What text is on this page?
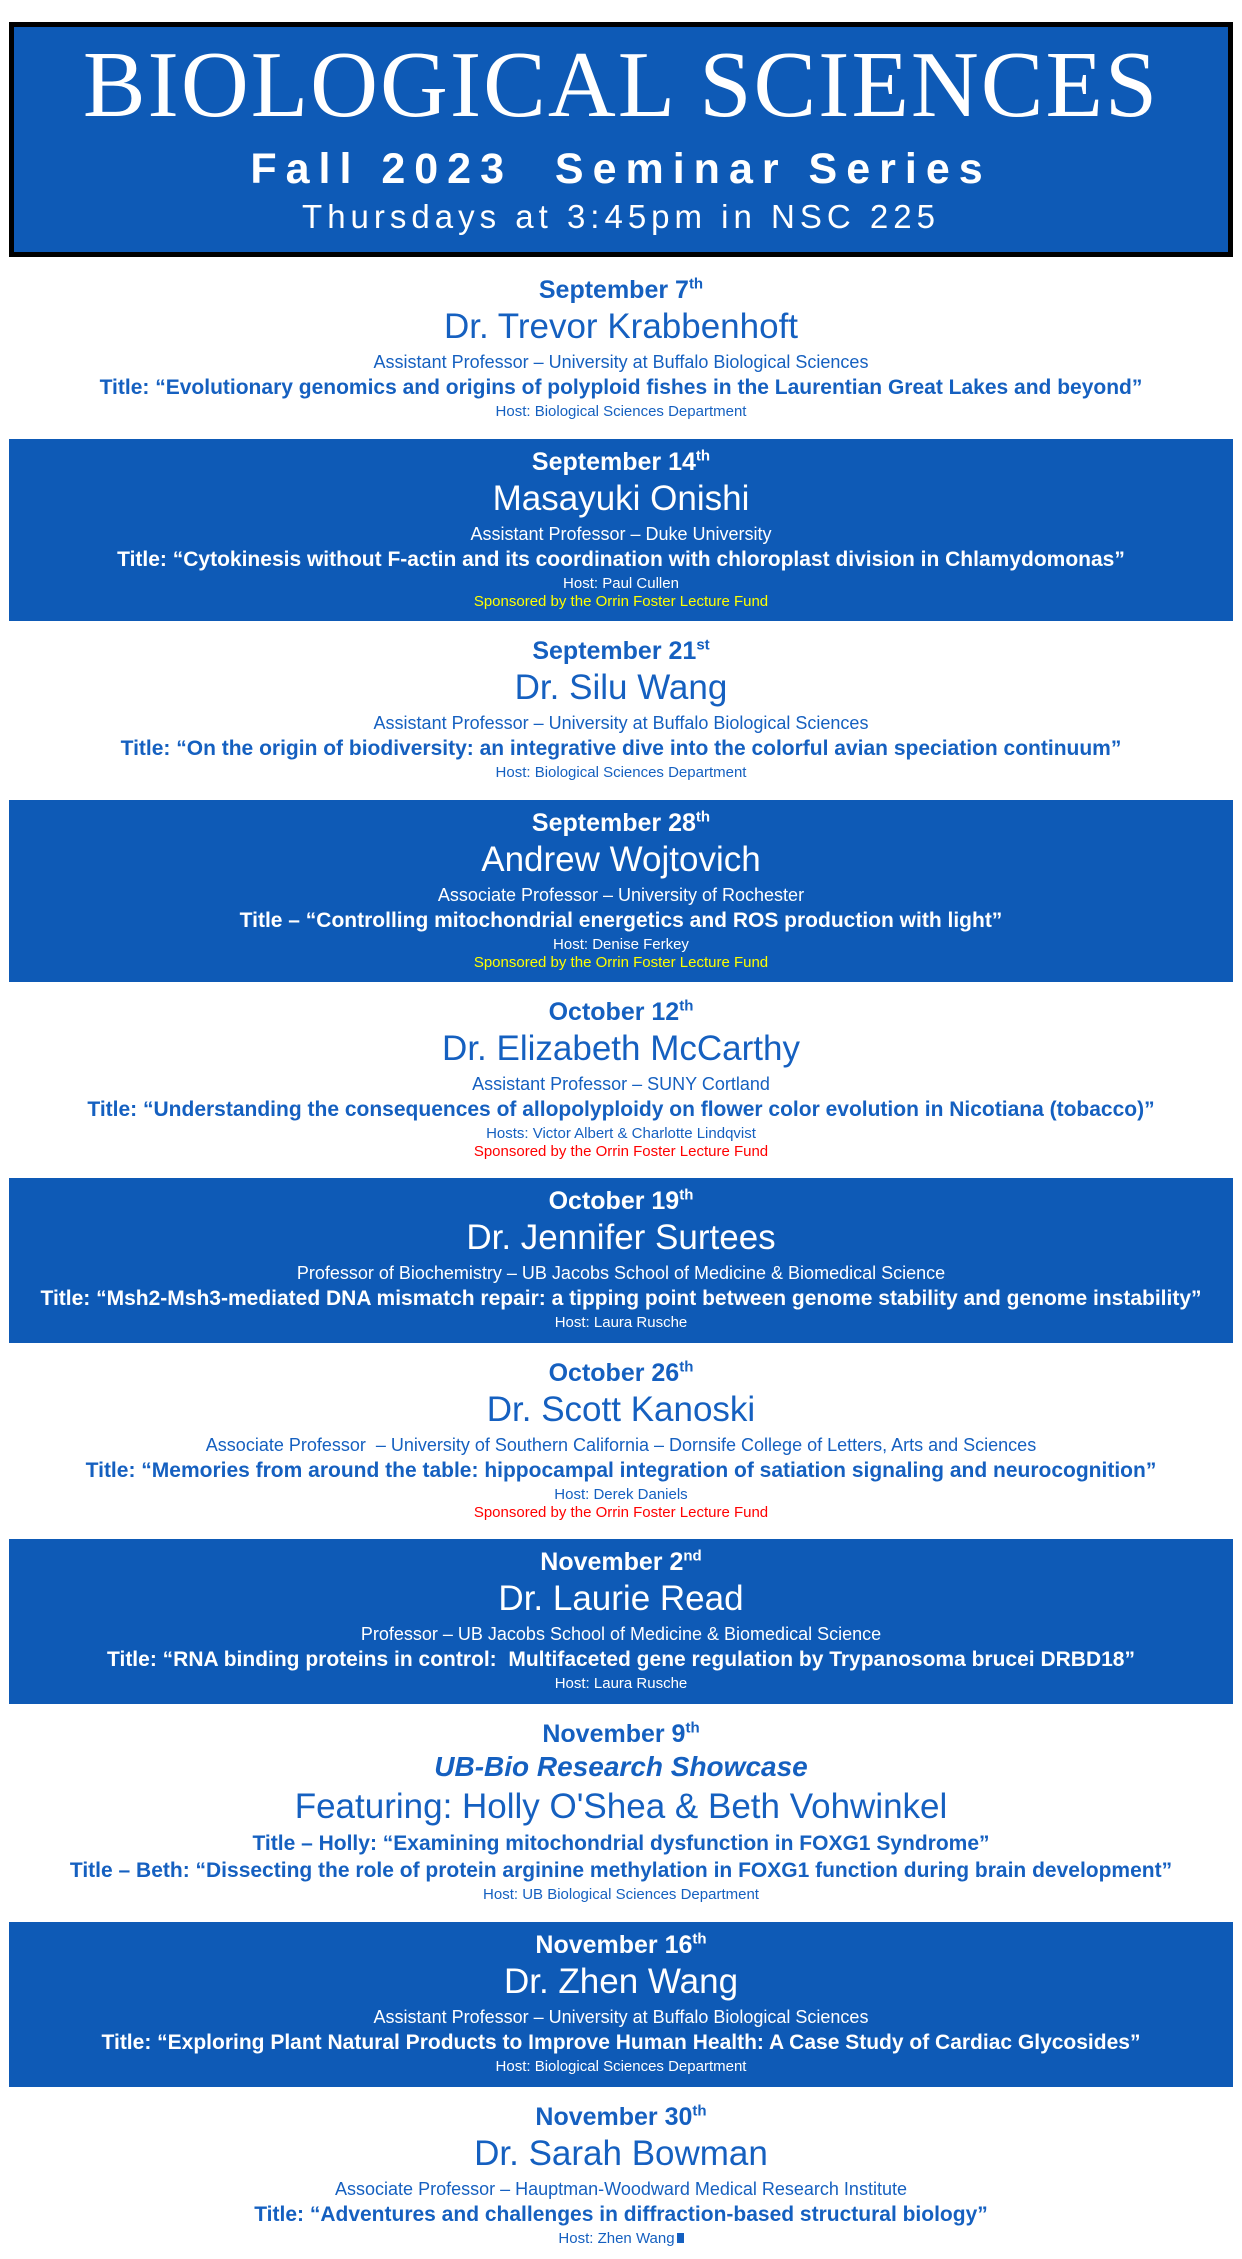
BIOLOGICAL SCIENCES
Fall 2023  Seminar Series
Thursdays at 3:45pm in NSC 225
September 7th
Dr. Trevor Krabbenhoft
Assistant Professor – University at Buffalo Biological Sciences
Title: “Evolutionary genomics and origins of polyploid fishes in the Laurentian Great Lakes and beyond”
Host: Biological Sciences Department
September 14th
Masayuki Onishi
Assistant Professor – Duke University
Title: “Cytokinesis without F-actin and its coordination with chloroplast division in Chlamydomonas”
Host: Paul Cullen
Sponsored by the Orrin Foster Lecture Fund
September 21st
Dr. Silu Wang
Assistant Professor – University at Buffalo Biological Sciences
Title: “On the origin of biodiversity: an integrative dive into the colorful avian speciation continuum”
Host: Biological Sciences Department
September 28th
Andrew Wojtovich
Associate Professor – University of Rochester
Title – “Controlling mitochondrial energetics and ROS production with light”
Host: Denise Ferkey
Sponsored by the Orrin Foster Lecture Fund
October 12th
Dr. Elizabeth McCarthy
Assistant Professor – SUNY Cortland
Title: “Understanding the consequences of allopolyploidy on flower color evolution in Nicotiana (tobacco)”
Hosts: Victor Albert & Charlotte Lindqvist
Sponsored by the Orrin Foster Lecture Fund
October 19th
Dr. Jennifer Surtees
Professor of Biochemistry – UB Jacobs School of Medicine & Biomedical Science
Title: “Msh2-Msh3-mediated DNA mismatch repair: a tipping point between genome stability and genome instability”
Host: Laura Rusche
October 26th
Dr. Scott Kanoski
Associate Professor  – University of Southern California – Dornsife College of Letters, Arts and Sciences
Title: “Memories from around the table: hippocampal integration of satiation signaling and neurocognition”
Host: Derek Daniels
Sponsored by the Orrin Foster Lecture Fund
November 2nd
Dr. Laurie Read
Professor – UB Jacobs School of Medicine & Biomedical Science
Title: “RNA binding proteins in control:  Multifaceted gene regulation by Trypanosoma brucei DRBD18”
Host: Laura Rusche
November 9th
UB-Bio Research Showcase
Featuring: Holly O'Shea & Beth Vohwinkel
Title – Holly: “Examining mitochondrial dysfunction in FOXG1 Syndrome”
Title – Beth: “Dissecting the role of protein arginine methylation in FOXG1 function during brain development”
Host: UB Biological Sciences Department
November 16th
Dr. Zhen Wang
Assistant Professor – University at Buffalo Biological Sciences
Title: “Exploring Plant Natural Products to Improve Human Health: A Case Study of Cardiac Glycosides”
Host: Biological Sciences Department
November 30th
Dr. Sarah Bowman
Associate Professor – Hauptman-Woodward Medical Research Institute
Title: “Adventures and challenges in diffraction-based structural biology”
Host: Zhen Wang
